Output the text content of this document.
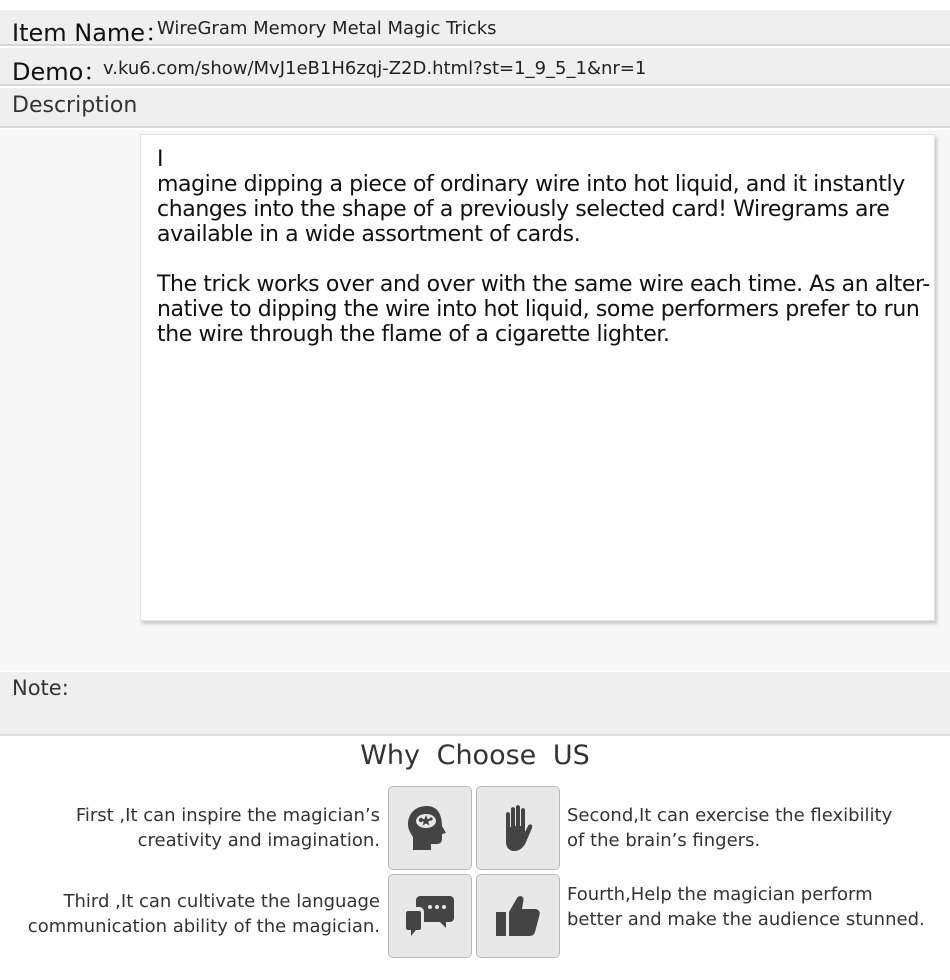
Item Name：
WireGram Memory Metal Magic Tricks
Demo：
v.ku6.com/show/MvJ1eB1H6zqj-Z2D.html?st=1_9_5_1&nr=1
Description
I
magine dipping a piece of ordinary wire into hot liquid, and it instantly
changes into the shape of a previously selected card! Wiregrams are
available in a wide assortment of cards.
The trick works over and over with the same wire each time. As an alter-
native to dipping the wire into hot liquid, some performers prefer to run
the wire through the flame of a cigarette lighter.
Note:
Why Choose US
First ,It can inspire the magician’s
creativity and imagination.
Second,It can exercise the flexibility
of the brain’s fingers.
Third ,It can cultivate the language
communication ability of the magician.
Fourth,Help the magician perform
better and make the audience stunned.
